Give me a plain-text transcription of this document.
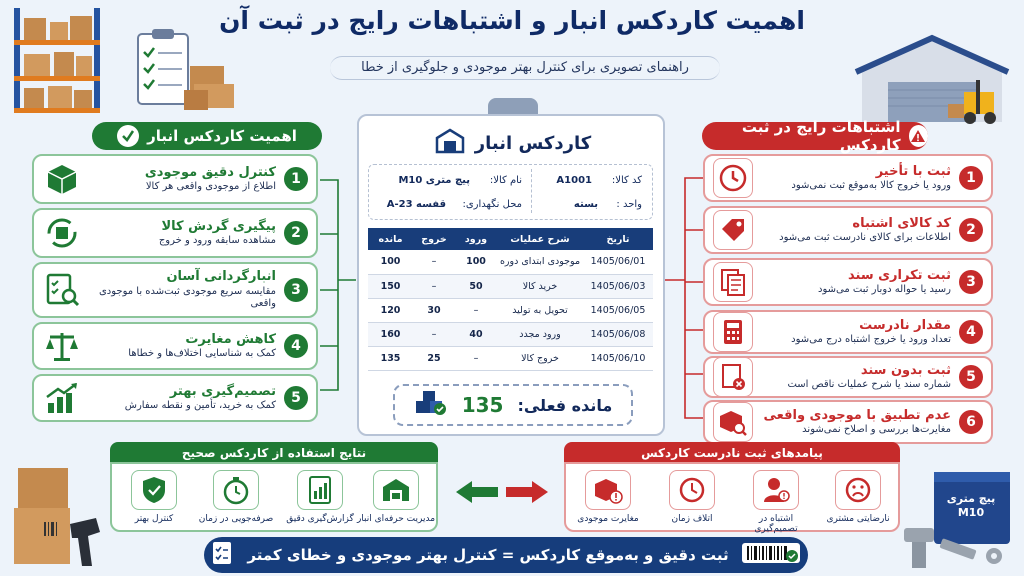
اهمیت کاردکس انبار و اشتباهات رایج در ثبت آن
راهنمای تصویری برای کنترل بهتر موجودی و جلوگیری از خطا
پیچ متری
M10
اهمیت کاردکس انبار	اشتباهات رایج در ثبت کاردکس
1
کنترل دقیق موجودی
اطلاع از موجودی واقعی هر کالا
2
پیگیری گردش کالا
مشاهده سابقه ورود و خروج
3
انبارگردانی آسان
مقایسه سریع موجودی ثبت‌شده با موجودی واقعی
4
کاهش مغایرت
کمک به شناسایی اختلاف‌ها و خطاها
5
تصمیم‌گیری بهتر
کمک به خرید، تأمین و نقطه سفارش
1
ثبت با تأخیر
ورود یا خروج کالا به‌موقع ثبت نمی‌شود
2
کد کالای اشتباه
اطلاعات برای کالای نادرست ثبت می‌شود
3
ثبت تکراری سند
رسید یا حواله دوبار ثبت می‌شود
4
مقدار نادرست
تعداد ورود یا خروج اشتباه درج می‌شود
5
ثبت بدون سند
شماره سند یا شرح عملیات ناقص است
6
عدم تطبیق با موجودی واقعی
مغایرت‌ها بررسی و اصلاح نمی‌شوند
کاردکس انبار
کد کالا:
A1001
نام کالا:
پیچ متری M10
واحد :
بسته
محل نگهداری:
قفسه A-23
تاریخ	شرح عملیات	ورود	خروج	مانده
1405/06/01	موجودی ابتدای دوره	100	–	100
1405/06/03	خرید کالا	50	–	150
1405/06/05	تحویل به تولید	–	30	120
1405/06/08	ورود مجدد	40	–	160
1405/06/10	خروج کالا	–	25	135
مانده فعلی:
135
نتایج استفاده از کاردکس صحیح
مدیریت حرفه‌ای انبار
گزارش‌گیری دقیق
صرفه‌جویی در زمان
کنترل بهتر
پیامدهای ثبت نادرست کاردکس
مغایرت موجودی	اتلاف زمان	اشتباه در تصمیم‌گیری
نارضایتی مشتری
ثبت دقیق و به‌موقع کاردکس = کنترل بهتر موجودی و خطای کمتر
